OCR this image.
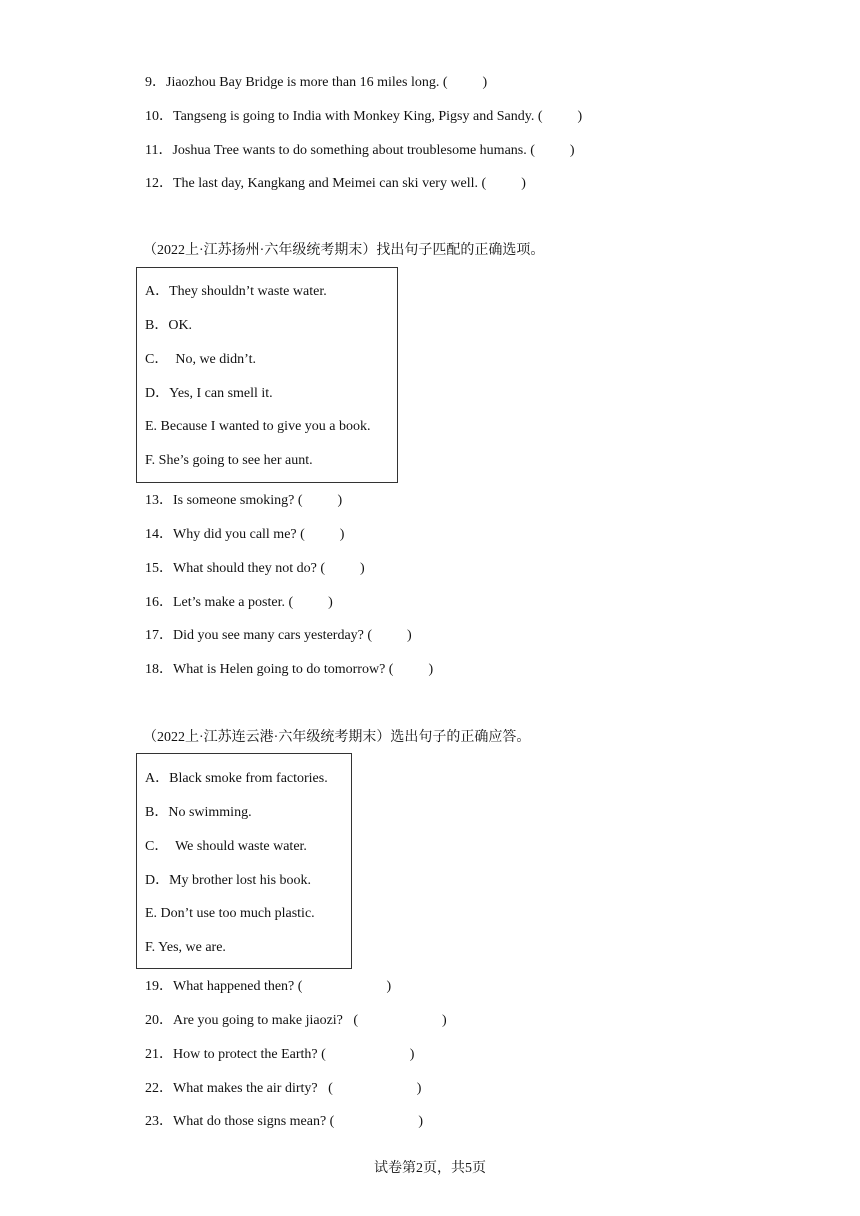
9．Jiaozhou Bay Bridge is more than 16 miles long. (          )
10．Tangseng is going to India with Monkey King, Pigsy and Sandy. (          )
11．Joshua Tree wants to do something about troublesome humans. (          )
12．The last day, Kangkang and Meimei can ski very well. (          )
（2022上·江苏扬州·六年级统考期末）找出句子匹配的正确选项。
A．They shouldn’t waste water.
B．OK.
C．  No, we didn’t.
D．Yes, I can smell it.
E. Because I wanted to give you a book.
F. She’s going to see her aunt.
13．Is someone smoking? (          )
14．Why did you call me? (          )
15．What should they not do? (          )
16．Let’s make a poster. (          )
17．Did you see many cars yesterday? (          )
18．What is Helen going to do tomorrow? (          )
（2022上·江苏连云港·六年级统考期末）选出句子的正确应答。
A．Black smoke from factories.
B．No swimming.
C．  We should waste water.
D．My brother lost his book.
E. Don’t use too much plastic.
F. Yes, we are.
19．What happened then? (                        )
20．Are you going to make jiaozi?   (                        )
21．How to protect the Earth? (                        )
22．What makes the air dirty?   (                        )
23．What do those signs mean? (                        )
试卷第2页，共5页
